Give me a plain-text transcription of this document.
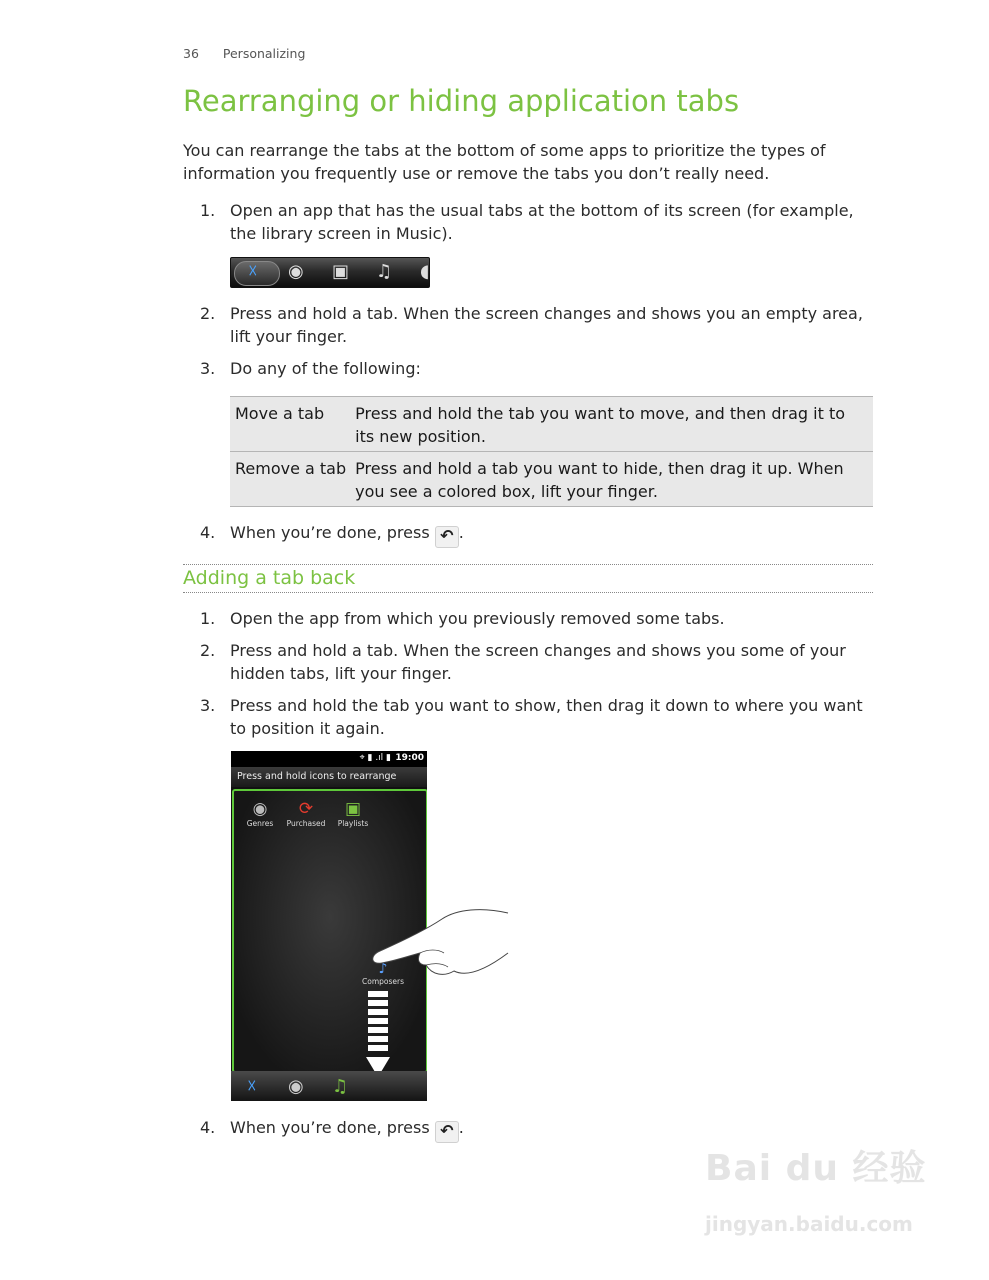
36 Personalizing
Rearranging or hiding application tabs
You can rearrange the tabs at the bottom of some apps to prioritize the types of information you frequently use or remove the tabs you don’t really need.
1. Open an app that has the usual tabs at the bottom of its screen (for example, the library screen in Music).
☓ ◉ ▣ ♫ ◖
2. Press and hold a tab. When the screen changes and shows you an empty area, lift your finger.
3. Do any of the following:
Move a tab	Press and hold the tab you want to move, and then drag it to its new position.
Remove a tab	Press and hold a tab you want to hide, then drag it up. When you see a colored box, lift your finger.
4. When you’re done, press ↶ .
Adding a tab back
1. Open the app from which you previously removed some tabs.
2. Press and hold a tab. When the screen changes and shows you some of your hidden tabs, lift your finger.
3. Press and hold the tab you want to show, then drag it down to where you want to position it again.
⌖ ▮ .ıl ▮ 19:00
Press and hold icons to rearrange
◉
Genres
⟳
Purchased
▣
Playlists
♪
Composers
☓ ◉ ♫
4. When you’re done, press ↶ .
Bai du 经验
jingyan.baidu.com
